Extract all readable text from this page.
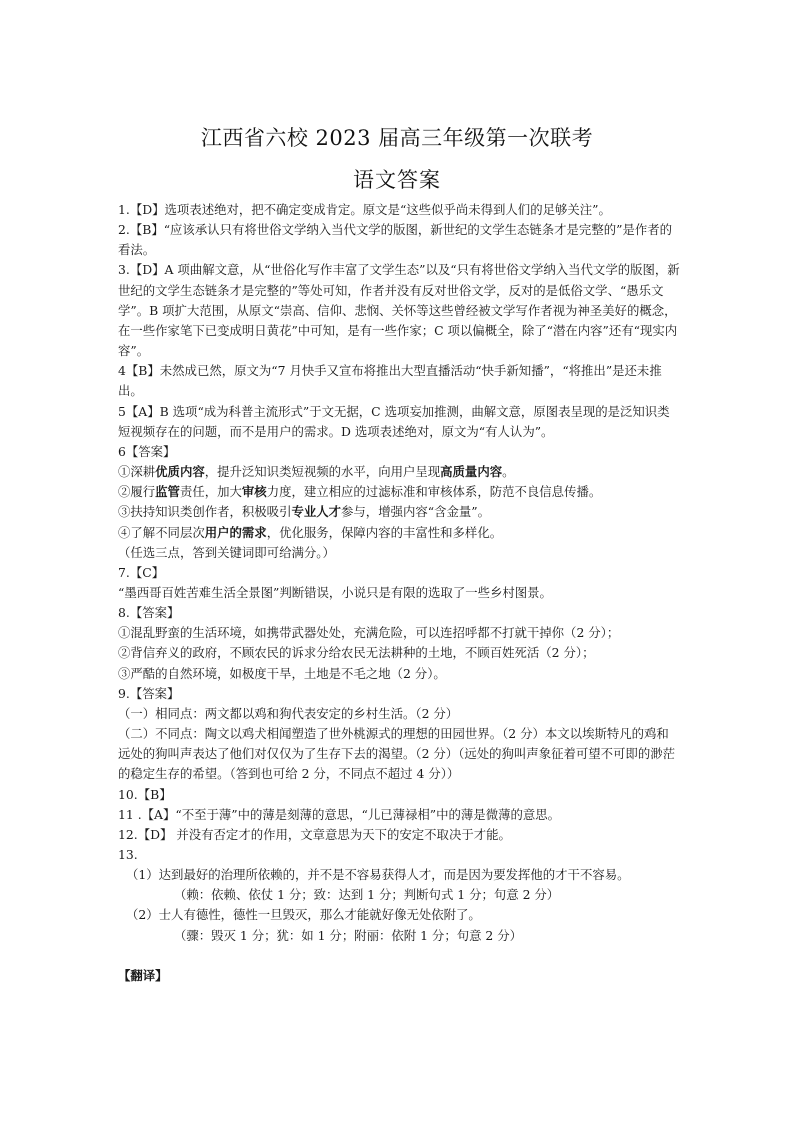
江西省六校 2023 届高三年级第一次联考
语文答案

1.【D】选项表述绝对，把不确定变成肯定。原文是“这些似乎尚未得到人们的足够关注”。

2.【B】“应该承认只有将世俗文学纳入当代文学的版图，新世纪的文学生态链条才是完整的”是作者的看法。

3.【D】A 项曲解文意，从“世俗化写作丰富了文学生态”以及“只有将世俗文学纳入当代文学的版图，新世纪的文学生态链条才是完整的”等处可知，作者并没有反对世俗文学，反对的是低俗文学、“愚乐文学”。B 项扩大范围，从原文“崇高、信仰、悲悯、关怀等这些曾经被文学写作者视为神圣美好的概念，在一些作家笔下已变成明日黄花”中可知，是有一些作家；C 项以偏概全，除了“潜在内容”还有“现实内容”。

4【B】未然成已然，原文为“7 月快手又宣布将推出大型直播活动“快手新知播”，“将推出”是还未推出。

5【A】B 选项“成为科普主流形式”于文无据，C 选项妄加推测，曲解文意，原图表呈现的是泛知识类短视频存在的问题，而不是用户的需求。D 选项表述绝对，原文为“有人认为”。

6【答案】

①深耕优质内容，提升泛知识类短视频的水平，向用户呈现高质量内容。

②履行监管责任，加大审核力度，建立相应的过滤标准和审核体系，防范不良信息传播。

③扶持知识类创作者，积极吸引专业人才参与，增强内容“含金量”。

④了解不同层次用户的需求，优化服务，保障内容的丰富性和多样化。

（任选三点，答到关键词即可给满分。）

7.【C】

“墨西哥百姓苦难生活全景图”判断错误，小说只是有限的选取了一些乡村图景。

8.【答案】

①混乱野蛮的生活环境，如携带武器处处，充满危险，可以连招呼都不打就干掉你（2 分）；

②背信弃义的政府，不顾农民的诉求分给农民无法耕种的土地，不顾百姓死活（2 分）；

③严酷的自然环境，如极度干旱，土地是不毛之地（2 分）。

9.【答案】

（一）相同点：两文都以鸡和狗代表安定的乡村生活。（2 分）

（二）不同点：陶文以鸡犬相闻塑造了世外桃源式的理想的田园世界。（2 分）本文以埃斯特凡的鸡和远处的狗叫声表达了他们对仅仅为了生存下去的渴望。（2 分）（远处的狗叫声象征着可望不可即的渺茫的稳定生存的希望。（答到也可给 2 分，不同点不超过 4 分））

10.【B】

11 .【A】“不至于薄”中的薄是刻薄的意思，“儿已薄禄相”中的薄是微薄的意思。

12.【D】 并没有否定才的作用，文章意思为天下的安定不取决于才能。

13.

（1）达到最好的治理所依赖的，并不是不容易获得人才，而是因为要发挥他的才干不容易。

（赖：依赖、依仗 1 分；致：达到 1 分；判断句式 1 分；句意 2 分）

（2）士人有德性，德性一旦毁灭，那么才能就好像无处依附了。

（骤：毁灭 1 分；犹：如 1 分；附丽：依附 1 分；句意 2 分）

【翻译】
